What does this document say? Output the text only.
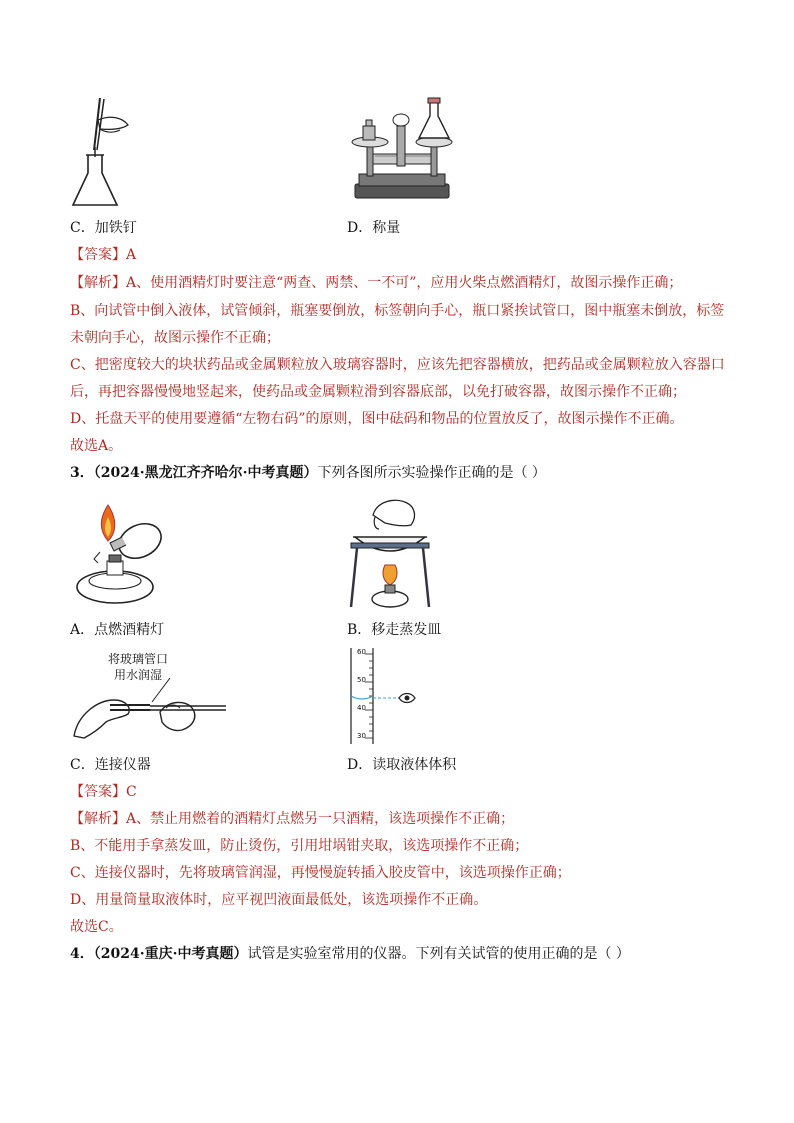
C．加铁钉	D．称量
【答案】A
【解析】A、使用酒精灯时要注意“两查、两禁、一不可”，应用火柴点燃酒精灯，故图示操作正确；
B、向试管中倒入液体，试管倾斜，瓶塞要倒放，标签朝向手心，瓶口紧挨试管口，图中瓶塞未倒放，标签
未朝向手心，故图示操作不正确；
C、把密度较大的块状药品或金属颗粒放入玻璃容器时，应该先把容器横放，把药品或金属颗粒放入容器口
后，再把容器慢慢地竖起来，使药品或金属颗粒滑到容器底部，以免打破容器，故图示操作不正确；
D、托盘天平的使用要遵循“左物右码”的原则，图中砝码和物品的位置放反了，故图示操作不正确。
故选A。
3．（2024·黑龙江齐齐哈尔·中考真题）下列各图所示实验操作正确的是（ ）
A．点燃酒精灯	B．移走蒸发皿
将玻璃管口
用水润湿
60
50
40
30
C．连接仪器	D．读取液体体积
【答案】C
【解析】A、禁止用燃着的酒精灯点燃另一只酒精，该选项操作不正确；
B、不能用手拿蒸发皿，防止烫伤，引用坩埚钳夹取，该选项操作不正确；
C、连接仪器时，先将玻璃管润湿，再慢慢旋转插入胶皮管中，该选项操作正确；
D、用量筒量取液体时，应平视凹液面最低处，该选项操作不正确。
故选C。
4．（2024·重庆·中考真题）试管是实验室常用的仪器。下列有关试管的使用正确的是（ ）
